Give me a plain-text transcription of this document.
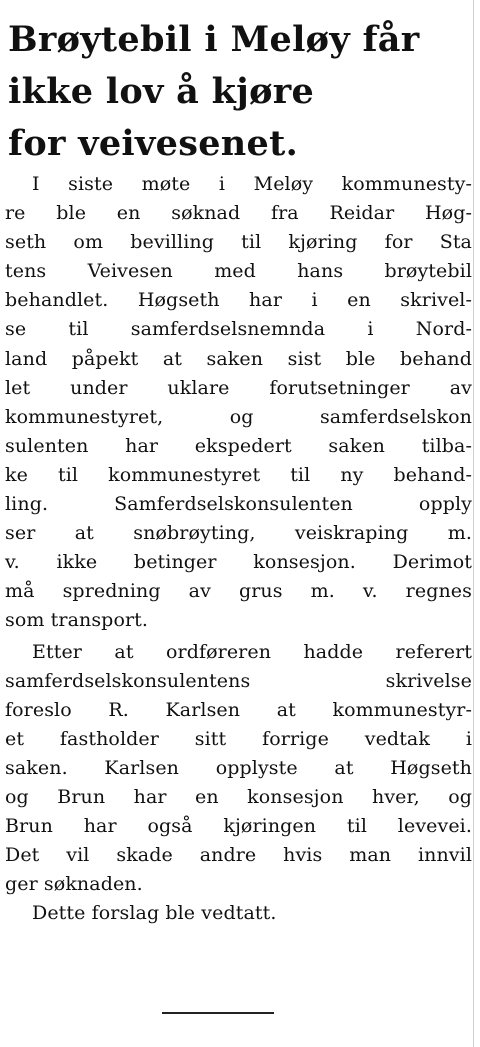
Brøytebil i Meløy får
ikke lov å kjøre
for veivesenet.
I siste møte i Meløy kommunesty-
re ble en søknad fra Reidar Høg-
seth om bevilling til kjøring for Sta
tens Veivesen med hans brøytebil
behandlet. Høgseth har i en skrivel-
se til samferdselsnemnda i Nord-
land påpekt at saken sist ble behand
let under uklare forutsetninger av
kommunestyret, og samferdselskon
sulenten har ekspedert saken tilba-
ke til kommunestyret til ny behand-
ling. Samferdselskonsulenten opply
ser at snøbrøyting, veiskraping m.
v. ikke betinger konsesjon. Derimot
må spredning av grus m. v. regnes
som transport.
Etter at ordføreren hadde referert
samferdselskonsulentens skrivelse
foreslo R. Karlsen at kommunestyr-
et fastholder sitt forrige vedtak i
saken. Karlsen opplyste at Høgseth
og Brun har en konsesjon hver, og
Brun har også kjøringen til levevei.
Det vil skade andre hvis man innvil
ger søknaden.
Dette forslag ble vedtatt.
